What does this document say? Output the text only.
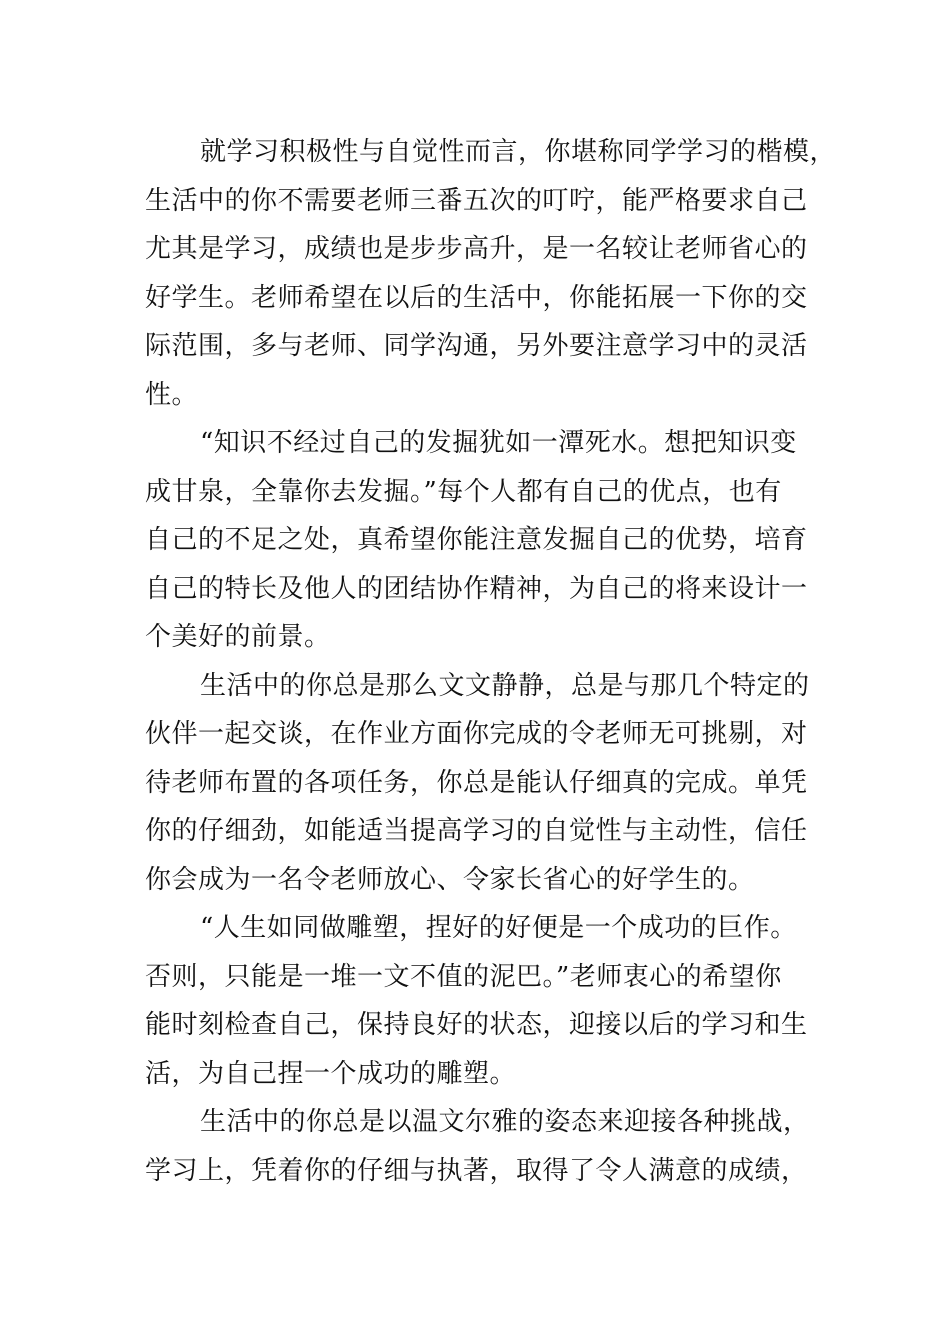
就学习积极性与自觉性而言，你堪称同学学习的楷模，
生活中的你不需要老师三番五次的叮咛，能严格要求自己
尤其是学习，成绩也是步步高升，是一名较让老师省心的
好学生。老师希望在以后的生活中，你能拓展一下你的交
际范围，多与老师、同学沟通，另外要注意学习中的灵活
性。

“知识不经过自己的发掘犹如一潭死水。想把知识变
成甘泉，全靠你去发掘。”每个人都有自己的优点，也有
自己的不足之处，真希望你能注意发掘自己的优势，培育
自己的特长及他人的团结协作精神，为自己的将来设计一
个美好的前景。

生活中的你总是那么文文静静，总是与那几个特定的
伙伴一起交谈，在作业方面你完成的令老师无可挑剔，对
待老师布置的各项任务，你总是能认仔细真的完成。单凭
你的仔细劲，如能适当提高学习的自觉性与主动性，信任
你会成为一名令老师放心、令家长省心的好学生的。

“人生如同做雕塑，捏好的好便是一个成功的巨作。
否则，只能是一堆一文不值的泥巴。”老师衷心的希望你
能时刻检查自己，保持良好的状态，迎接以后的学习和生
活，为自己捏一个成功的雕塑。

生活中的你总是以温文尔雅的姿态来迎接各种挑战，
学习上，凭着你的仔细与执著，取得了令人满意的成绩，
